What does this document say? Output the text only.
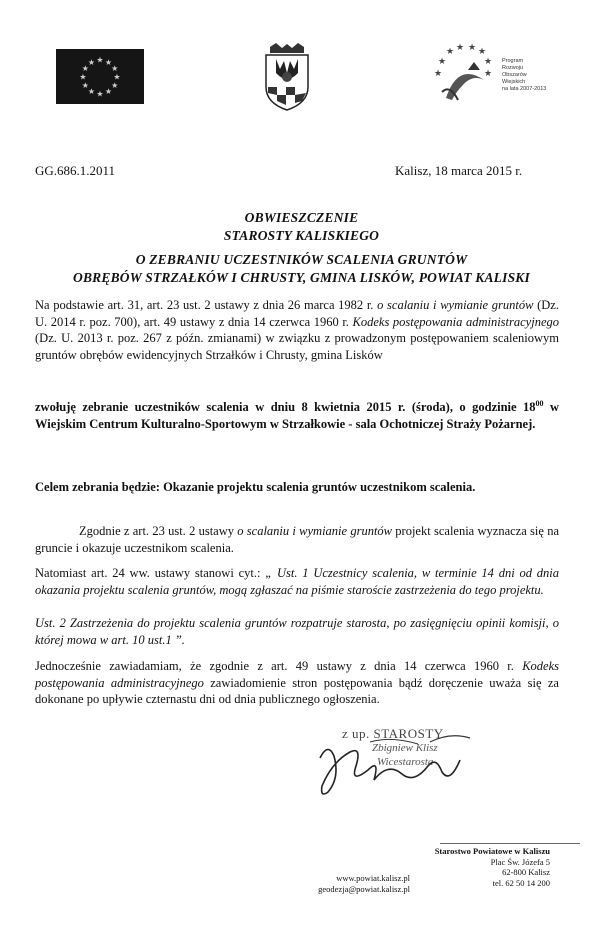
★
★
★
★
★
★
★
★
★ ★ ★
★
★ ★ ★
★
★
★
★	★
Program
Rozwoju
Obszarów
Wiejskich
na lata 2007-2013
GG.686.1.2011	Kalisz, 18 marca 2015 r.
OBWIESZCZENIE
STAROSTY KALISKIEGO
O ZEBRANIU UCZESTNIKÓW SCALENIA GRUNTÓW
OBRĘBÓW STRZAŁKÓW I CHRUSTY, GMINA LISKÓW, POWIAT KALISKI
Na podstawie art. 31, art. 23 ust. 2 ustawy z dnia 26 marca 1982 r. o scalaniu i wymianie gruntów (Dz. U. 2014 r. poz. 700), art. 49 ustawy z dnia 14 czerwca 1960 r. Kodeks postępowania administracyjnego (Dz. U. 2013 r. poz. 267 z późn. zmianami) w związku z prowadzonym postępowaniem scaleniowym gruntów obrębów ewidencyjnych Strzałków i Chrusty, gmina Lisków
zwołuję zebranie uczestników scalenia w dniu 8 kwietnia 2015 r. (środa), o godzinie $18^{00}$ w Wiejskim Centrum Kulturalno-Sportowym w Strzałkowie - sala Ochotniczej Straży Pożarnej.
Celem zebrania będzie: Okazanie projektu scalenia gruntów uczestnikom scalenia.
Zgodnie z art. 23 ust. 2 ustawy o scalaniu i wymianie gruntów projekt scalenia wyznacza się na gruncie i okazuje uczestnikom scalenia.
Natomiast art. 24 ww. ustawy stanowi cyt.: „ Ust. 1 Uczestnicy scalenia, w terminie 14 dni od dnia okazania projektu scalenia gruntów, mogą zgłaszać na piśmie staroście zastrzeżenia do tego projektu.
Ust. 2 Zastrzeżenia do projektu scalenia gruntów rozpatruje starosta, po zasięgnięciu opinii komisji, o której mowa w art. 10 ust.1 ”.
Jednocześnie zawiadamiam, że zgodnie z art. 49 ustawy z dnia 14 czerwca 1960 r. Kodeks postępowania administracyjnego zawiadomienie stron postępowania bądź doręczenie uważa się za dokonane po upływie czternastu dni od dnia publicznego ogłoszenia.
z up. STAROSTY
Zbigniew Klisz
Wicestarosta
Starostwo Powiatowe w Kaliszu
Plac Św. Józefa 5
62-800 Kalisz
tel. 62 50 14 200
www.powiat.kalisz.pl
geodezja@powiat.kalisz.pl
